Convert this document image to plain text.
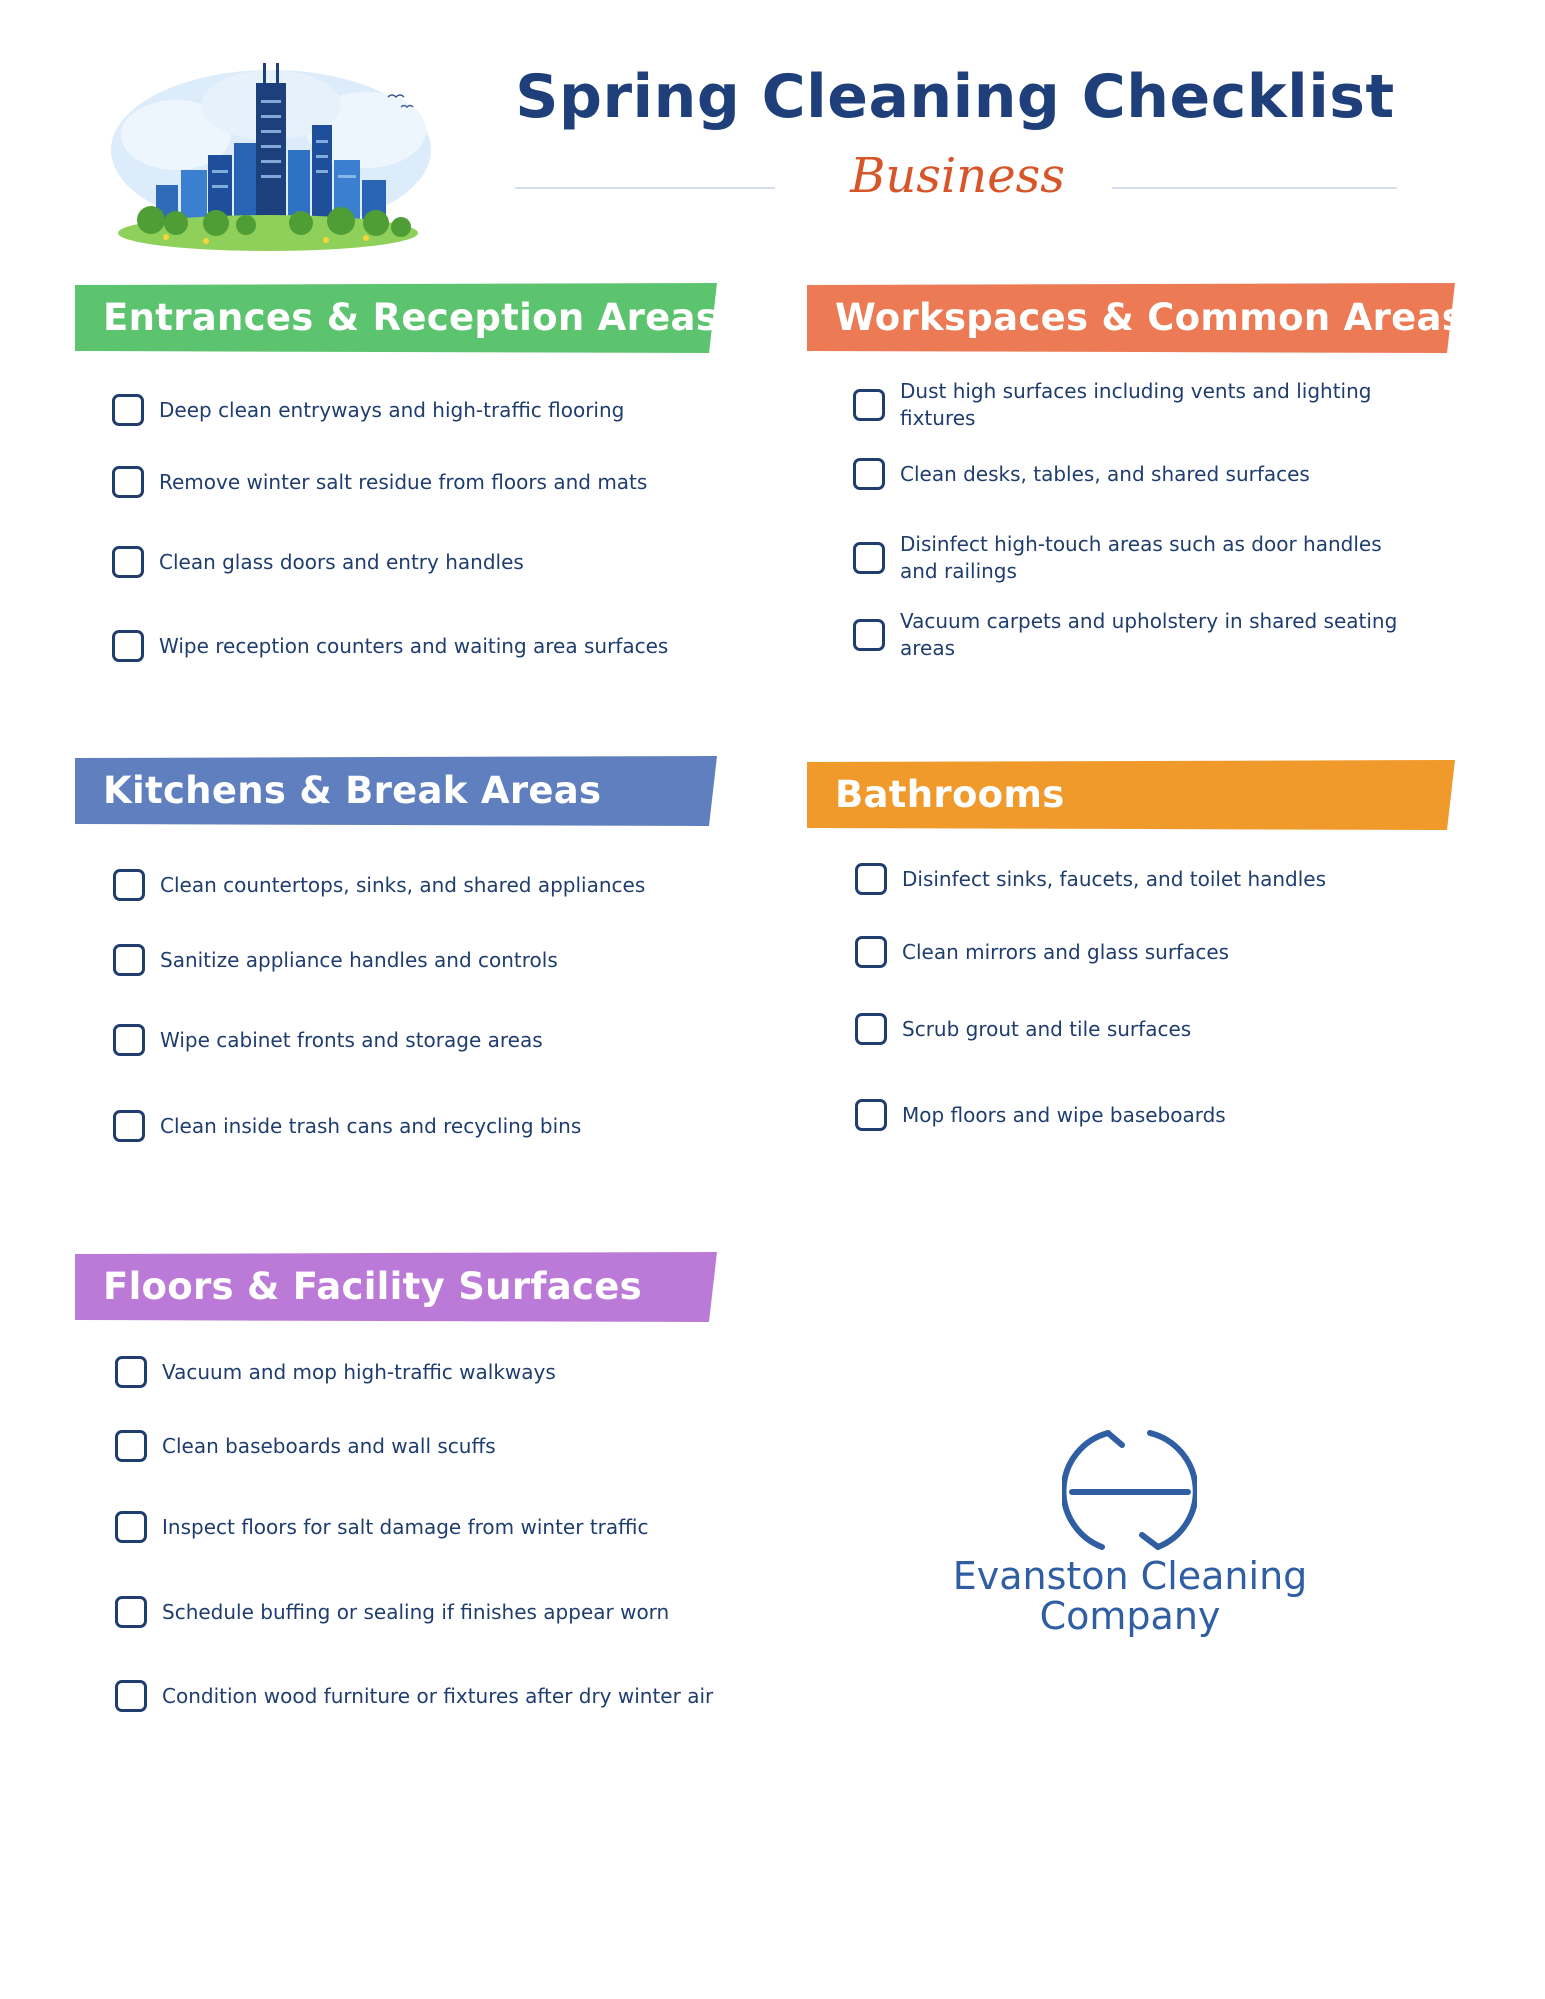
Spring Cleaning Checklist
Business
Entrances & Reception Areas
Deep clean entryways and high-traffic flooring
Remove winter salt residue from floors and mats
Clean glass doors and entry handles
Wipe reception counters and waiting area surfaces
Workspaces & Common Areas
Dust high surfaces including vents and lighting fixtures
Clean desks, tables, and shared surfaces
Disinfect high-touch areas such as door handles and railings
Vacuum carpets and upholstery in shared seating areas
Kitchens & Break Areas
Clean countertops, sinks, and shared appliances
Sanitize appliance handles and controls
Wipe cabinet fronts and storage areas
Clean inside trash cans and recycling bins
Bathrooms
Disinfect sinks, faucets, and toilet handles
Clean mirrors and glass surfaces
Scrub grout and tile surfaces
Mop floors and wipe baseboards
Floors & Facility Surfaces
Vacuum and mop high-traffic walkways
Clean baseboards and wall scuffs
Inspect floors for salt damage from winter traffic
Schedule buffing or sealing if finishes appear worn
Condition wood furniture or fixtures after dry winter air
Evanston Cleaning
Company
